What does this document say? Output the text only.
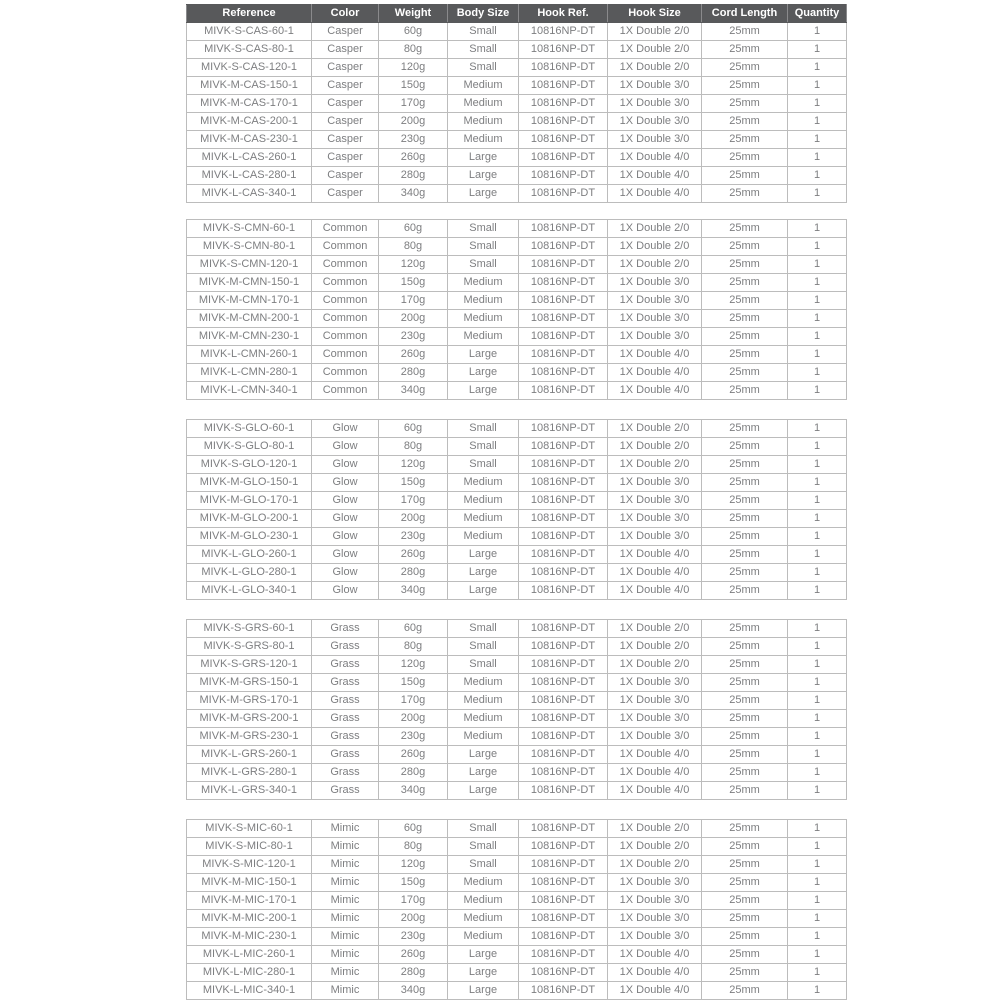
Reference	Color	Weight	Body Size	Hook Ref.	Hook Size	Cord Length	Quantity
MIVK-S-CAS-60-1	Casper	60g	Small	10816NP-DT	1X Double 2/0	25mm	1
MIVK-S-CAS-80-1	Casper	80g	Small	10816NP-DT	1X Double 2/0	25mm	1
MIVK-S-CAS-120-1	Casper	120g	Small	10816NP-DT	1X Double 2/0	25mm	1
MIVK-M-CAS-150-1	Casper	150g	Medium	10816NP-DT	1X Double 3/0	25mm	1
MIVK-M-CAS-170-1	Casper	170g	Medium	10816NP-DT	1X Double 3/0	25mm	1
MIVK-M-CAS-200-1	Casper	200g	Medium	10816NP-DT	1X Double 3/0	25mm	1
MIVK-M-CAS-230-1	Casper	230g	Medium	10816NP-DT	1X Double 3/0	25mm	1
MIVK-L-CAS-260-1	Casper	260g	Large	10816NP-DT	1X Double 4/0	25mm	1
MIVK-L-CAS-280-1	Casper	280g	Large	10816NP-DT	1X Double 4/0	25mm	1
MIVK-L-CAS-340-1	Casper	340g	Large	10816NP-DT	1X Double 4/0	25mm	1
MIVK-S-CMN-60-1	Common	60g	Small	10816NP-DT	1X Double 2/0	25mm	1
MIVK-S-CMN-80-1	Common	80g	Small	10816NP-DT	1X Double 2/0	25mm	1
MIVK-S-CMN-120-1	Common	120g	Small	10816NP-DT	1X Double 2/0	25mm	1
MIVK-M-CMN-150-1	Common	150g	Medium	10816NP-DT	1X Double 3/0	25mm	1
MIVK-M-CMN-170-1	Common	170g	Medium	10816NP-DT	1X Double 3/0	25mm	1
MIVK-M-CMN-200-1	Common	200g	Medium	10816NP-DT	1X Double 3/0	25mm	1
MIVK-M-CMN-230-1	Common	230g	Medium	10816NP-DT	1X Double 3/0	25mm	1
MIVK-L-CMN-260-1	Common	260g	Large	10816NP-DT	1X Double 4/0	25mm	1
MIVK-L-CMN-280-1	Common	280g	Large	10816NP-DT	1X Double 4/0	25mm	1
MIVK-L-CMN-340-1	Common	340g	Large	10816NP-DT	1X Double 4/0	25mm	1
MIVK-S-GLO-60-1	Glow	60g	Small	10816NP-DT	1X Double 2/0	25mm	1
MIVK-S-GLO-80-1	Glow	80g	Small	10816NP-DT	1X Double 2/0	25mm	1
MIVK-S-GLO-120-1	Glow	120g	Small	10816NP-DT	1X Double 2/0	25mm	1
MIVK-M-GLO-150-1	Glow	150g	Medium	10816NP-DT	1X Double 3/0	25mm	1
MIVK-M-GLO-170-1	Glow	170g	Medium	10816NP-DT	1X Double 3/0	25mm	1
MIVK-M-GLO-200-1	Glow	200g	Medium	10816NP-DT	1X Double 3/0	25mm	1
MIVK-M-GLO-230-1	Glow	230g	Medium	10816NP-DT	1X Double 3/0	25mm	1
MIVK-L-GLO-260-1	Glow	260g	Large	10816NP-DT	1X Double 4/0	25mm	1
MIVK-L-GLO-280-1	Glow	280g	Large	10816NP-DT	1X Double 4/0	25mm	1
MIVK-L-GLO-340-1	Glow	340g	Large	10816NP-DT	1X Double 4/0	25mm	1
MIVK-S-GRS-60-1	Grass	60g	Small	10816NP-DT	1X Double 2/0	25mm	1
MIVK-S-GRS-80-1	Grass	80g	Small	10816NP-DT	1X Double 2/0	25mm	1
MIVK-S-GRS-120-1	Grass	120g	Small	10816NP-DT	1X Double 2/0	25mm	1
MIVK-M-GRS-150-1	Grass	150g	Medium	10816NP-DT	1X Double 3/0	25mm	1
MIVK-M-GRS-170-1	Grass	170g	Medium	10816NP-DT	1X Double 3/0	25mm	1
MIVK-M-GRS-200-1	Grass	200g	Medium	10816NP-DT	1X Double 3/0	25mm	1
MIVK-M-GRS-230-1	Grass	230g	Medium	10816NP-DT	1X Double 3/0	25mm	1
MIVK-L-GRS-260-1	Grass	260g	Large	10816NP-DT	1X Double 4/0	25mm	1
MIVK-L-GRS-280-1	Grass	280g	Large	10816NP-DT	1X Double 4/0	25mm	1
MIVK-L-GRS-340-1	Grass	340g	Large	10816NP-DT	1X Double 4/0	25mm	1
MIVK-S-MIC-60-1	Mimic	60g	Small	10816NP-DT	1X Double 2/0	25mm	1
MIVK-S-MIC-80-1	Mimic	80g	Small	10816NP-DT	1X Double 2/0	25mm	1
MIVK-S-MIC-120-1	Mimic	120g	Small	10816NP-DT	1X Double 2/0	25mm	1
MIVK-M-MIC-150-1	Mimic	150g	Medium	10816NP-DT	1X Double 3/0	25mm	1
MIVK-M-MIC-170-1	Mimic	170g	Medium	10816NP-DT	1X Double 3/0	25mm	1
MIVK-M-MIC-200-1	Mimic	200g	Medium	10816NP-DT	1X Double 3/0	25mm	1
MIVK-M-MIC-230-1	Mimic	230g	Medium	10816NP-DT	1X Double 3/0	25mm	1
MIVK-L-MIC-260-1	Mimic	260g	Large	10816NP-DT	1X Double 4/0	25mm	1
MIVK-L-MIC-280-1	Mimic	280g	Large	10816NP-DT	1X Double 4/0	25mm	1
MIVK-L-MIC-340-1	Mimic	340g	Large	10816NP-DT	1X Double 4/0	25mm	1
